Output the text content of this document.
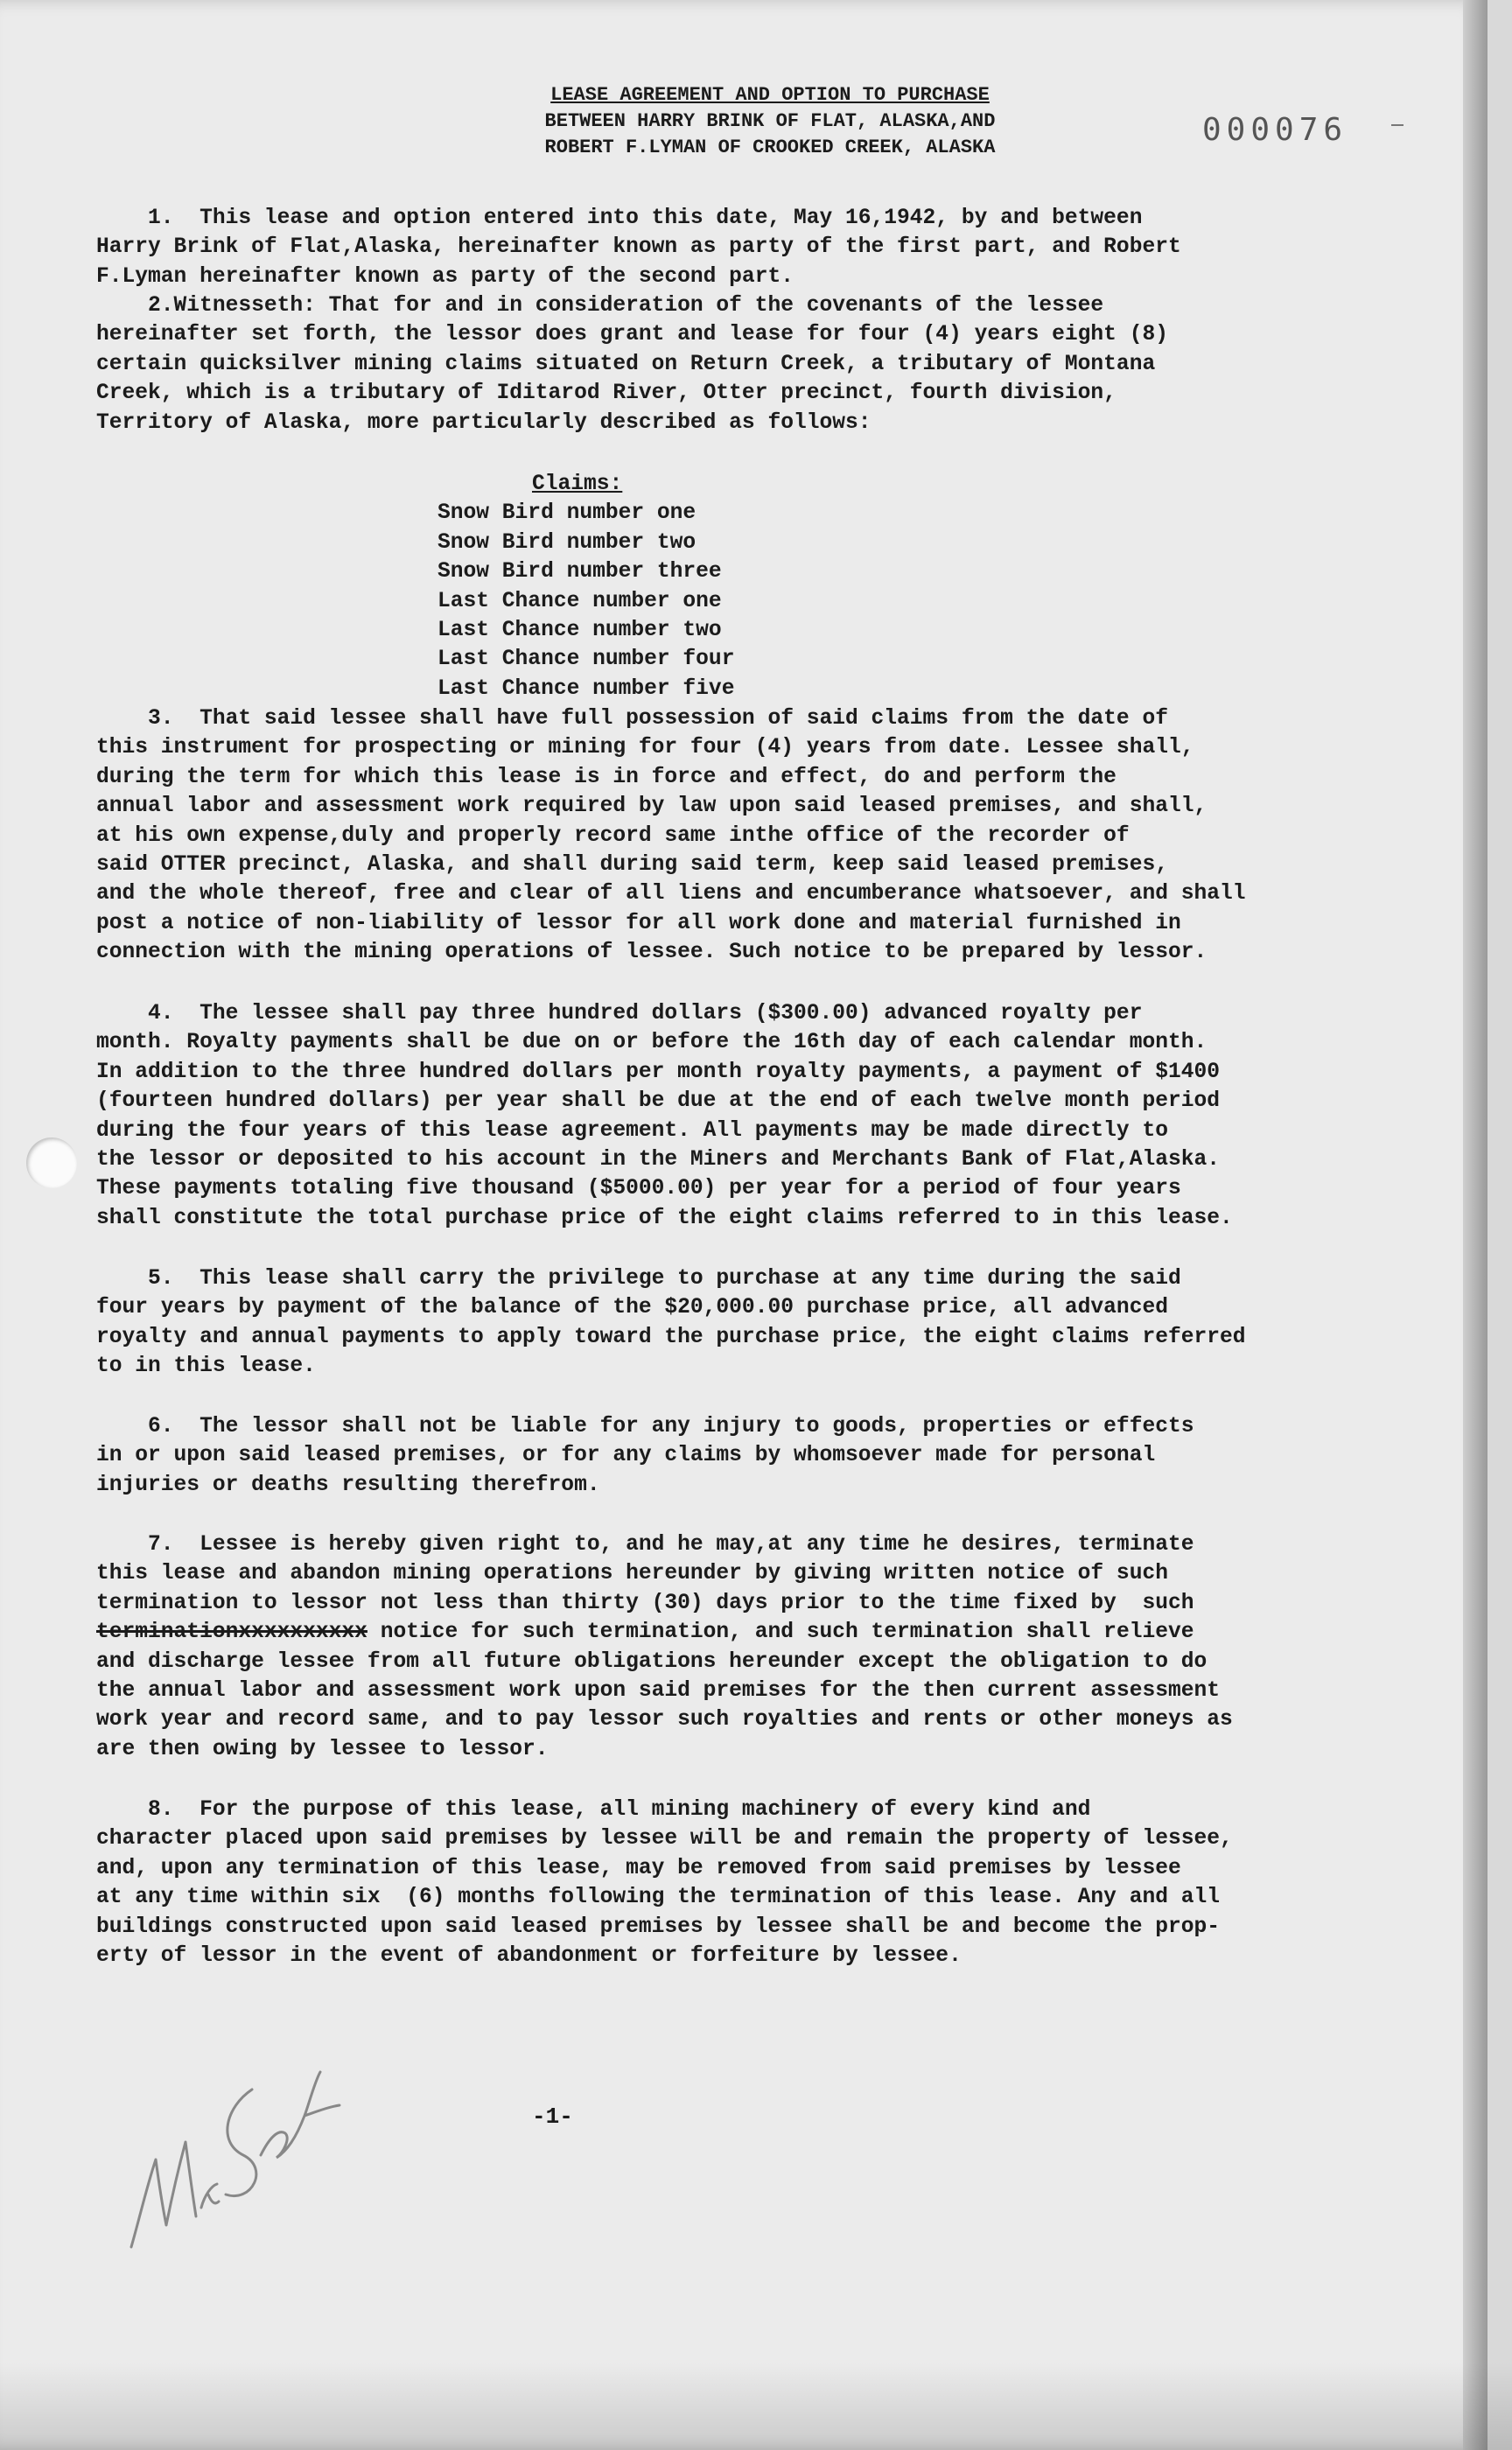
LEASE AGREEMENT AND OPTION TO PURCHASE
BETWEEN HARRY BRINK OF FLAT, ALASKA,AND
ROBERT F.LYMAN OF CROOKED CREEK, ALASKA	000076

1.  This lease and option entered into this date, May 16,1942, by and between
Harry Brink of Flat,Alaska, hereinafter known as party of the first part, and Robert
F.Lyman hereinafter known as party of the second part.

2.Witnesseth: That for and in consideration of the covenants of the lessee
hereinafter set forth, the lessor does grant and lease for four (4) years eight (8)
certain quicksilver mining claims situated on Return Creek, a tributary of Montana
Creek, which is a tributary of Iditarod River, Otter precinct, fourth division,
Territory of Alaska, more particularly described as follows:

Claims:
Snow Bird number one
Snow Bird number two
Snow Bird number three
Last Chance number one
Last Chance number two
Last Chance number four
Last Chance number five

3.  That said lessee shall have full possession of said claims from the date of
this instrument for prospecting or mining for four (4) years from date. Lessee shall,
during the term for which this lease is in force and effect, do and perform the
annual labor and assessment work required by law upon said leased premises, and shall,
at his own expense,duly and properly record same inthe office of the recorder of
said OTTER precinct, Alaska, and shall during said term, keep said leased premises,
and the whole thereof, free and clear of all liens and encumberance whatsoever, and shall
post a notice of non-liability of lessor for all work done and material furnished in
connection with the mining operations of lessee. Such notice to be prepared by lessor.

4.  The lessee shall pay three hundred dollars ($300.00) advanced royalty per
month. Royalty payments shall be due on or before the 16th day of each calendar month.
In addition to the three hundred dollars per month royalty payments, a payment of $1400
(fourteen hundred dollars) per year shall be due at the end of each twelve month period
during the four years of this lease agreement. All payments may be made directly to
the lessor or deposited to his account in the Miners and Merchants Bank of Flat,Alaska.
These payments totaling five thousand ($5000.00) per year for a period of four years
shall constitute the total purchase price of the eight claims referred to in this lease.

5.  This lease shall carry the privilege to purchase at any time during the said
four years by payment of the balance of the $20,000.00 purchase price, all advanced
royalty and annual payments to apply toward the purchase price, the eight claims referred
to in this lease.

6.  The lessor shall not be liable for any injury to goods, properties or effects
in or upon said leased premises, or for any claims by whomsoever made for personal
injuries or deaths resulting therefrom.

7.  Lessee is hereby given right to, and he may,at any time he desires, terminate
this lease and abandon mining operations hereunder by giving written notice of such
termination to lessor not less than thirty (30) days prior to the time fixed by  such
terminationxxxxxxxxxx notice for such termination, and such termination shall relieve
and discharge lessee from all future obligations hereunder except the obligation to do
the annual labor and assessment work upon said premises for the then current assessment
work year and record same, and to pay lessor such royalties and rents or other moneys as
are then owing by lessee to lessor.

8.  For the purpose of this lease, all mining machinery of every kind and
character placed upon said premises by lessee will be and remain the property of lessee,
and, upon any termination of this lease, may be removed from said premises by lessee
at any time within six  (6) months following the termination of this lease. Any and all
buildings constructed upon said leased premises by lessee shall be and become the prop-
erty of lessor in the event of abandonment or forfeiture by lessee.

-1-
